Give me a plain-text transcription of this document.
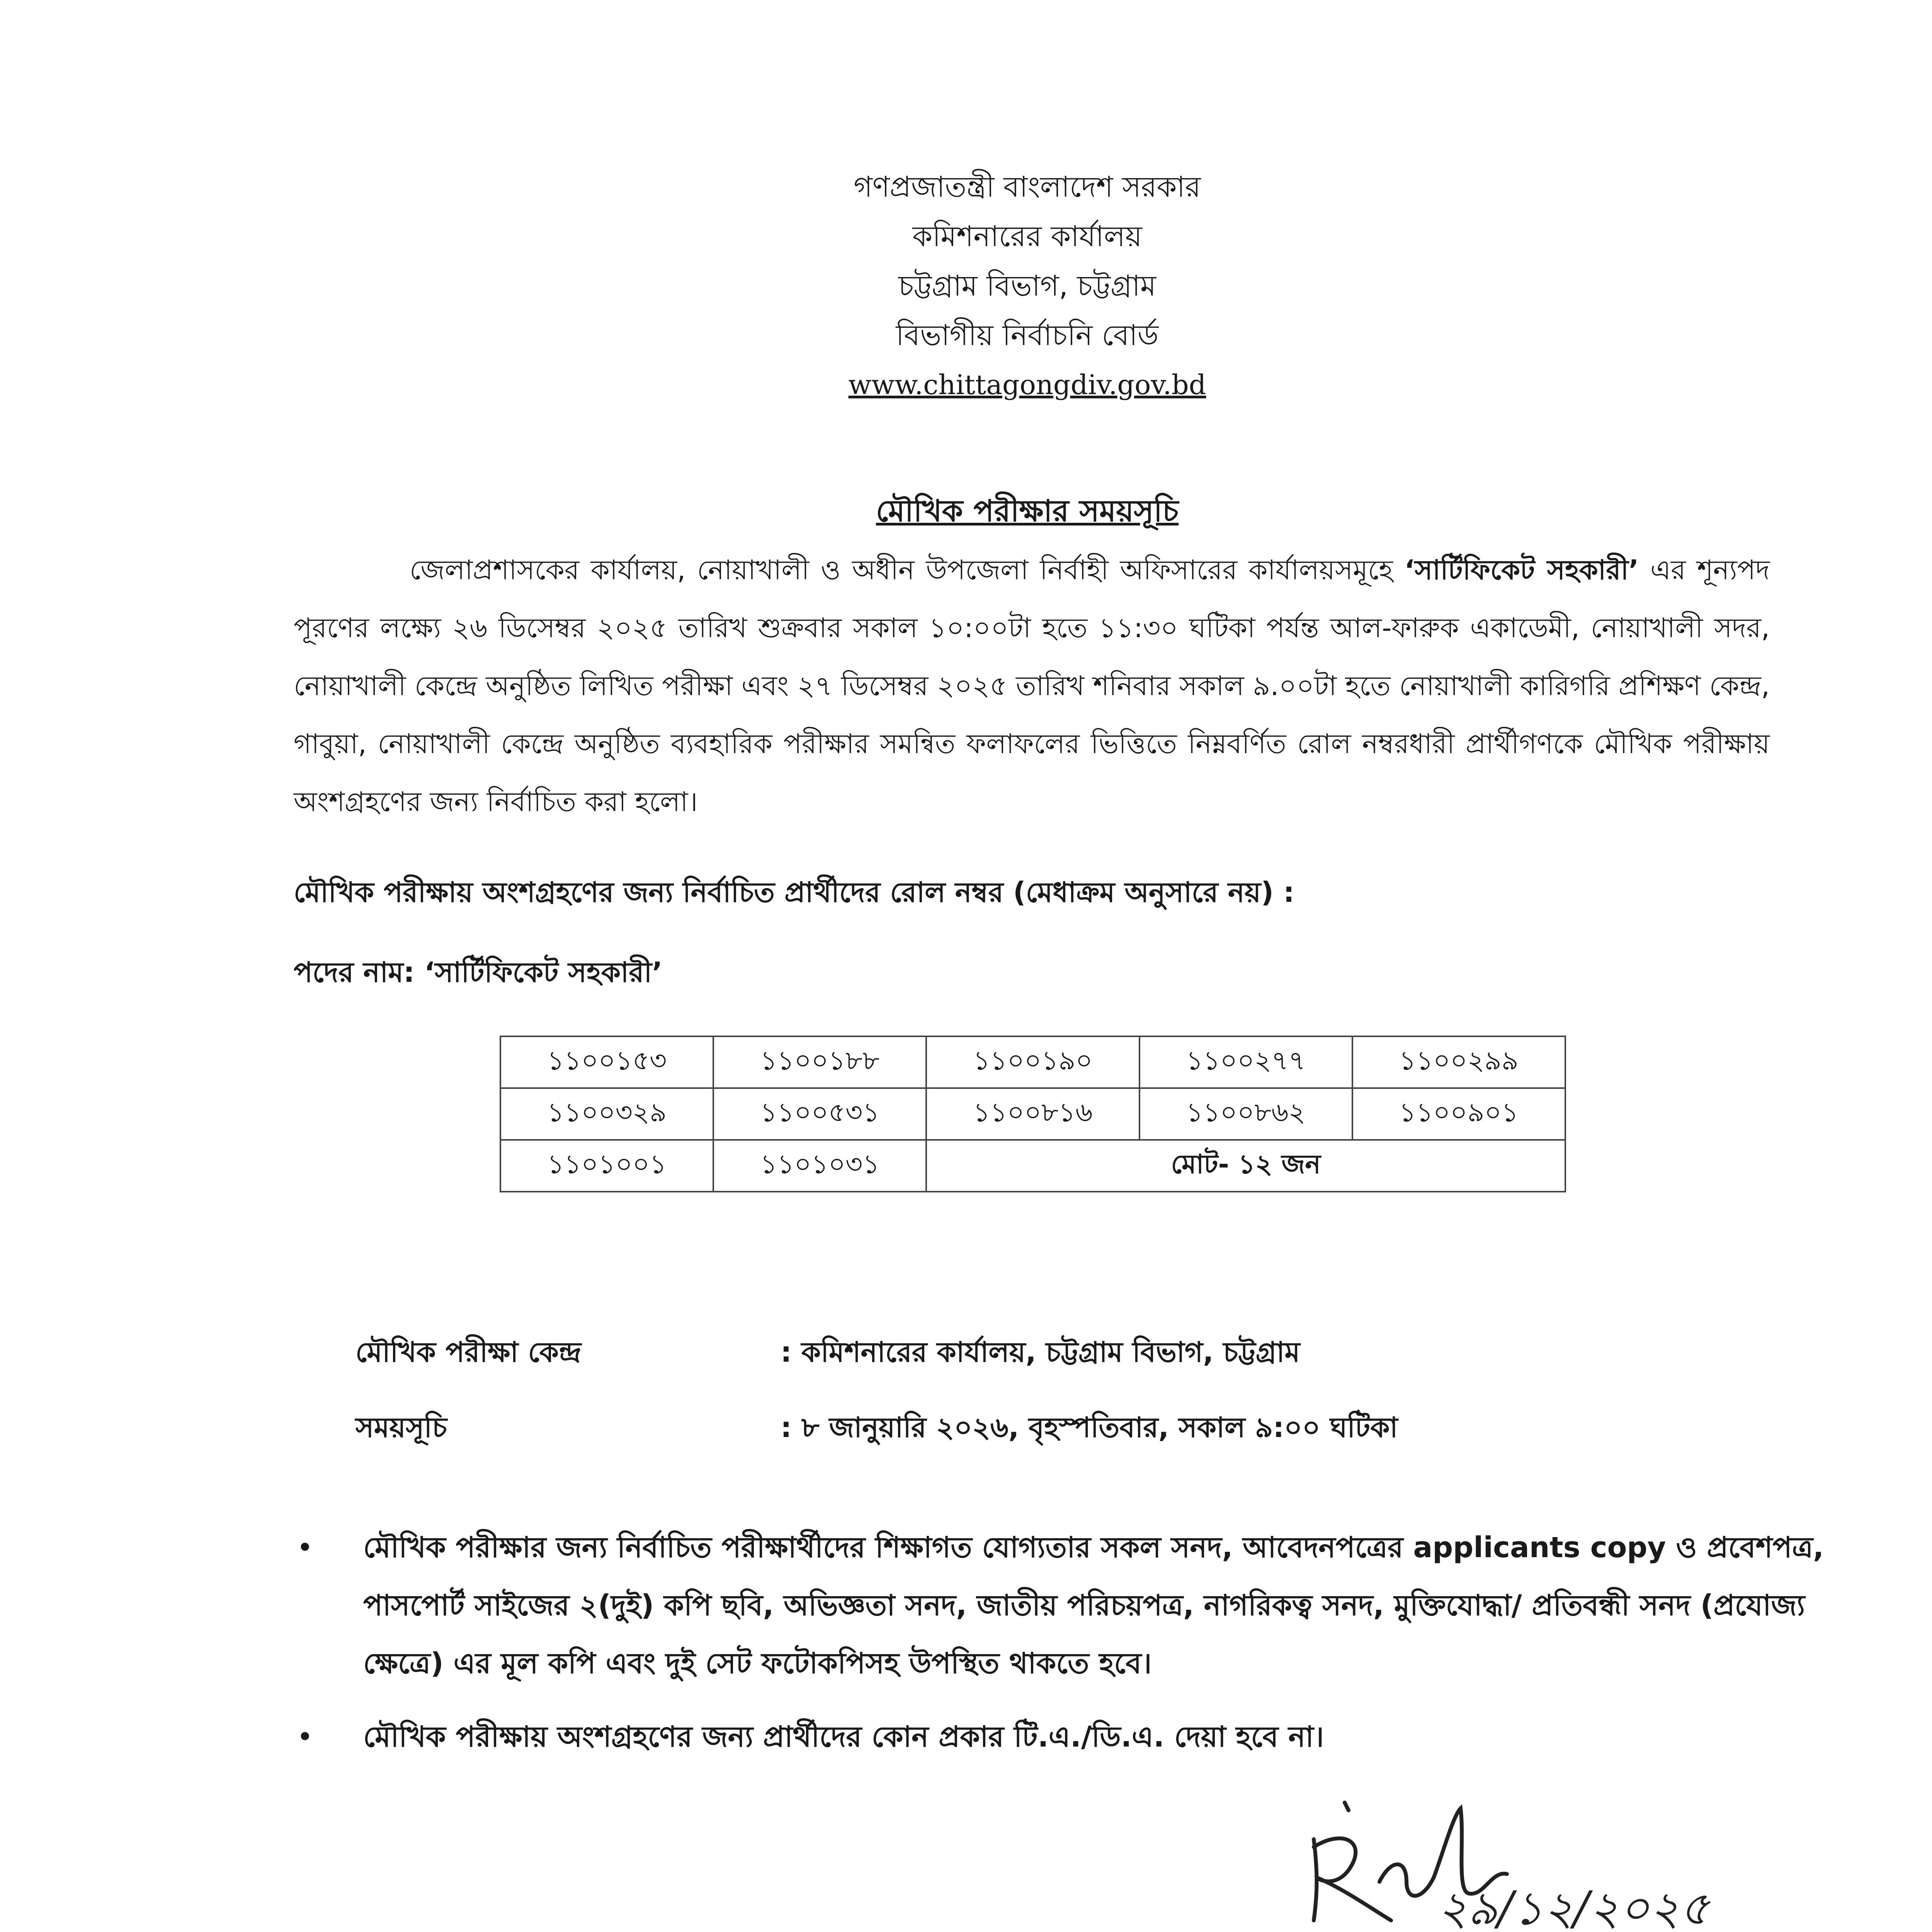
গণপ্রজাতন্ত্রী বাংলাদেশ সরকার
কমিশনারের কার্যালয়
চট্টগ্রাম বিভাগ, চট্টগ্রাম
বিভাগীয় নির্বাচনি বোর্ড
www.chittagongdiv.gov.bd
মৌখিক পরীক্ষার সময়সূচি
জেলাপ্রশাসকের কার্যালয়, নোয়াখালী ও অধীন উপজেলা নির্বাহী অফিসারের কার্যালয়সমূহে ‘সার্টিফিকেট সহকারী’ এর শূন্যপদ পূরণের লক্ষ্যে ২৬ ডিসেম্বর ২০২৫ তারিখ শুক্রবার সকাল ১০:০০টা হতে ১১:৩০ ঘটিকা পর্যন্ত আল-ফারুক একাডেমী, নোয়াখালী সদর, নোয়াখালী কেন্দ্রে অনুষ্ঠিত লিখিত পরীক্ষা এবং ২৭ ডিসেম্বর ২০২৫ তারিখ শনিবার সকাল ৯.০০টা হতে নোয়াখালী কারিগরি প্রশিক্ষণ কেন্দ্র, গাবুয়া, নোয়াখালী কেন্দ্রে অনুষ্ঠিত ব্যবহারিক পরীক্ষার সমন্বিত ফলাফলের ভিত্তিতে নিম্নবর্ণিত রোল নম্বরধারী প্রার্থীগণকে মৌখিক পরীক্ষায় অংশগ্রহণের জন্য নির্বাচিত করা হলো।
মৌখিক পরীক্ষায় অংশগ্রহণের জন্য নির্বাচিত প্রার্থীদের রোল নম্বর (মেধাক্রম অনুসারে নয়) :
পদের নাম: ‘সার্টিফিকেট সহকারী’
১১০০১৫৩	১১০০১৮৮	১১০০১৯০	১১০০২৭৭	১১০০২৯৯
১১০০৩২৯	১১০০৫৩১	১১০০৮১৬	১১০০৮৬২	১১০০৯০১
১১০১০০১	১১০১০৩১	মোট- ১২ জন		
মৌখিক পরীক্ষা কেন্দ্র	: কমিশনারের কার্যালয়, চট্টগ্রাম বিভাগ, চট্টগ্রাম
সময়সূচি	: ৮ জানুয়ারি ২০২৬, বৃহস্পতিবার, সকাল ৯:০০ ঘটিকা
• মৌখিক পরীক্ষার জন্য নির্বাচিত পরীক্ষার্থীদের শিক্ষাগত যোগ্যতার সকল সনদ, আবেদনপত্রের applicants copy ও প্রবেশপত্র, পাসপোর্ট সাইজের ২(দুই) কপি ছবি, অভিজ্ঞতা সনদ, জাতীয় পরিচয়পত্র, নাগরিকত্ব সনদ, মুক্তিযোদ্ধা/ প্রতিবন্ধী সনদ (প্রযোজ্য ক্ষেত্রে) এর মূল কপি এবং দুই সেট ফটোকপিসহ উপস্থিত থাকতে হবে।
• মৌখিক পরীক্ষায় অংশগ্রহণের জন্য প্রার্থীদের কোন প্রকার টি.এ./ডি.এ. দেয়া হবে না।
২৯/১২/২০২৫
